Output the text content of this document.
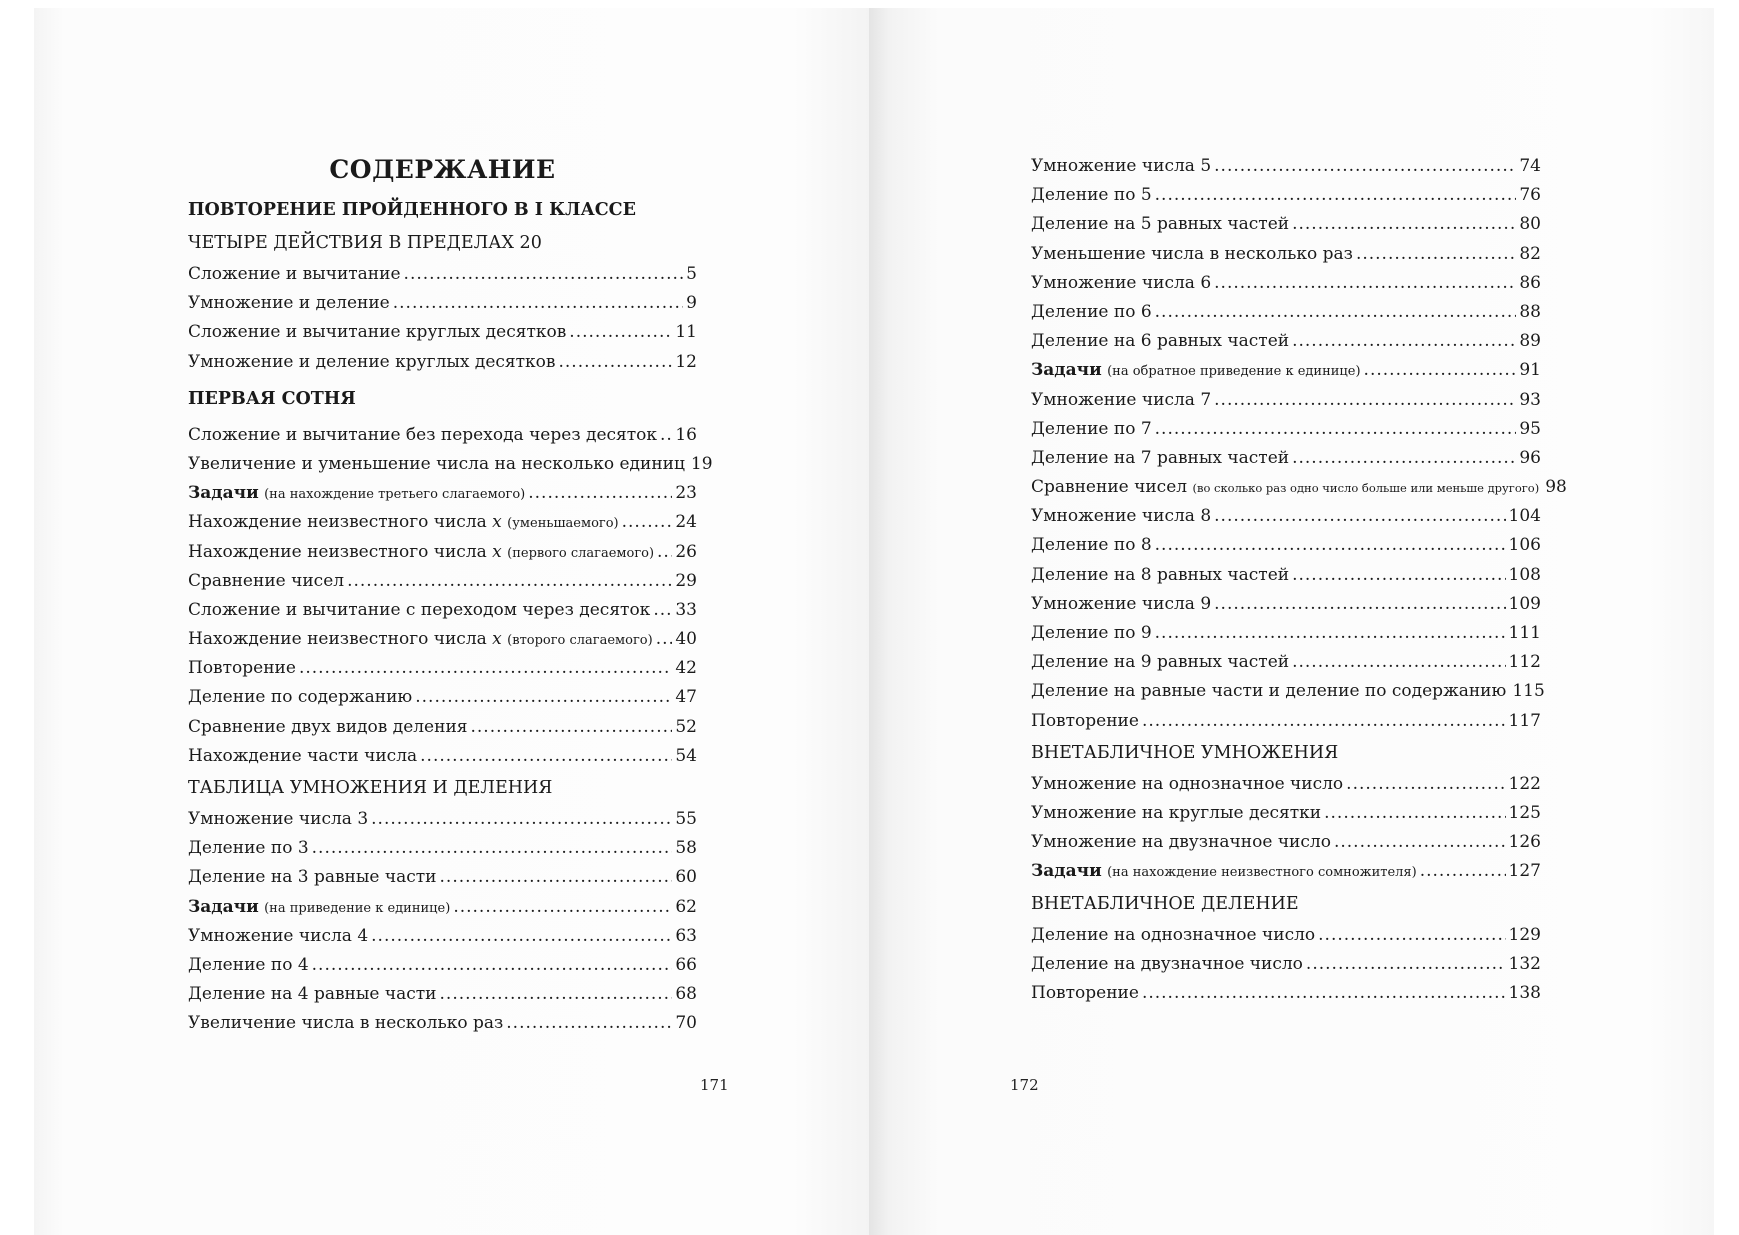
СОДЕРЖАНИЕ
ПОВТОРЕНИЕ ПРОЙДЕННОГО В I КЛАССЕ
ЧЕТЫРЕ ДЕЙСТВИЯ В ПРЕДЕЛАХ 20
Сложение и вычитание .....	5
Умножение и деление .....	9
Сложение и вычитание круглых десятков .....	11
Умножение и деление круглых десятков .....	12
ПЕРВАЯ СОТНЯ
Сложение и вычитание без перехода через десяток ..... 16
Увеличение и уменьшение числа на несколько единиц 19
Задачи (на нахождение третьего слагаемого) .....	23
Нахождение неизвестного числа x (уменьшаемого) .....	24
Нахождение неизвестного числа x (первого слагаемого) ..... 26
Сравнение чисел .....	29
Сложение и вычитание с переходом через десяток ..... 33
Нахождение неизвестного числа x (второго слагаемого) ..... 40
Повторение .....	42
Деление по содержанию .....	47
Сравнение двух видов деления .....	52
Нахождение части числа .....	54
ТАБЛИЦА УМНОЖЕНИЯ И ДЕЛЕНИЯ
Умножение числа 3 .....	55
Деление по 3 .....	58
Деление на 3 равные части .....	60
Задачи (на приведение к единице) .....	62
Умножение числа 4 .....	63
Деление по 4 .....	66
Деление на 4 равные части .....	68
Увеличение числа в несколько раз .....	70
Умножение числа 5 .....	74
Деление по 5 .....	76
Деление на 5 равных частей .....	80
Уменьшение числа в несколько раз .....	82
Умножение числа 6 .....	86
Деление по 6 .....	88
Деление на 6 равных частей .....	89
Задачи (на обратное приведение к единице) .....	91
Умножение числа 7 .....	93
Деление по 7 .....	95
Деление на 7 равных частей .....	96
Сравнение чисел (во сколько раз одно число больше или меньше другого) 98
Умножение числа 8 .....	104
Деление по 8 .....	106
Деление на 8 равных частей .....	108
Умножение числа 9 .....	109
Деление по 9 .....	111
Деление на 9 равных частей .....	112
Деление на равные части и деление по содержанию 115
Повторение .....	117
ВНЕТАБЛИЧНОЕ УМНОЖЕНИЯ
Умножение на однозначное число .....	122
Умножение на круглые десятки .....	125
Умножение на двузначное число .....	126
Задачи (на нахождение неизвестного сомножителя) .....	127
ВНЕТАБЛИЧНОЕ ДЕЛЕНИЕ
Деление на однозначное число .....	129
Деление на двузначное число .....	132
Повторение .....	138
171	172
